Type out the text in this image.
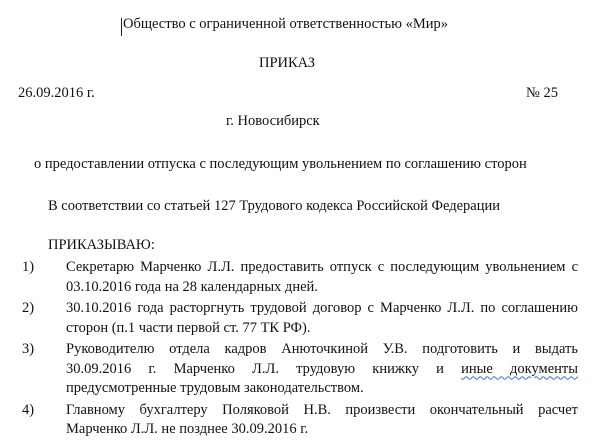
Общество с ограниченной ответственностью «Мир»
ПРИКАЗ
26.09.2016 г.	№ 25
г. Новосибирск
о предоставлении отпуска с последующим увольнением по соглашению сторон
В соответствии со статьей 127 Трудового кодекса Российской Федерации
ПРИКАЗЫВАЮ:
1) Секретарю Марченко Л.Л. предоставить отпуск с последующим увольнением с
03.10.2016 года на 28 календарных дней.
2) 30.10.2016 года расторгнуть трудовой договор с Марченко Л.Л. по соглашению
сторон (п.1 части первой ст. 77 ТК РФ).
3) Руководителю отдела кадров Анюточкиной У.В. подготовить и выдать
30.09.2016 г. Марченко Л.Л. трудовую книжку и иные документы
предусмотренные трудовым законодательством.
4) Главному бухгалтеру Поляковой Н.В. произвести окончательный расчет
Марченко Л.Л. не позднее 30.09.2016 г.
